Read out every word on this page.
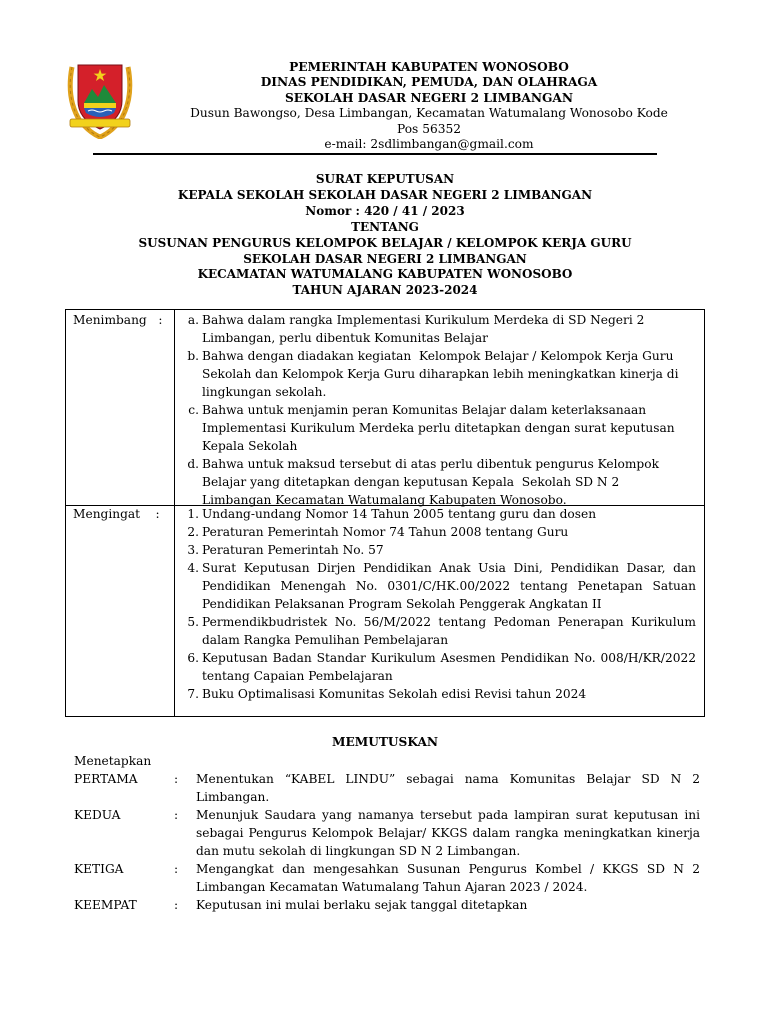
PEMERINTAH KABUPATEN WONOSOBO
DINAS PENDIDIKAN, PEMUDA, DAN OLAHRAGA
SEKOLAH DASAR NEGERI 2 LIMBANGAN
Dusun Bawongso, Desa Limbangan, Kecamatan Watumalang Wonosobo Kode
Pos 56352
e-mail: 2sdlimbangan@gmail.com
SURAT KEPUTUSAN
KEPALA SEKOLAH SEKOLAH DASAR NEGERI 2 LIMBANGAN
Nomor : 420 / 41 / 2023
TENTANG
SUSUNAN PENGURUS KELOMPOK BELAJAR / KELOMPOK KERJA GURU
SEKOLAH DASAR NEGERI 2 LIMBANGAN
KECAMATAN WATUMALANG KABUPATEN WONOSOBO
TAHUN AJARAN 2023-2024
Menimbang   :	a. Bahwa dalam rangka Implementasi Kurikulum Merdeka di SD Negeri 2
Limbangan, perlu dibentuk Komunitas Belajar
b. Bahwa dengan diadakan kegiatan  Kelompok Belajar / Kelompok Kerja Guru
Sekolah dan Kelompok Kerja Guru diharapkan lebih meningkatkan kinerja di
lingkungan sekolah.
c. Bahwa untuk menjamin peran Komunitas Belajar dalam keterlaksanaan
Implementasi Kurikulum Merdeka perlu ditetapkan dengan surat keputusan
Kepala Sekolah
d. Bahwa untuk maksud tersebut di atas perlu dibentuk pengurus Kelompok
Belajar yang ditetapkan dengan keputusan Kepala  Sekolah SD N 2
Limbangan Kecamatan Watumalang Kabupaten Wonosobo.
Mengingat    :	1. Undang-undang Nomor 14 Tahun 2005 tentang guru dan dosen
2. Peraturan Pemerintah Nomor 74 Tahun 2008 tentang Guru
3. Peraturan Pemerintah No. 57
4. Surat Keputusan Dirjen Pendidikan Anak Usia Dini, Pendidikan Dasar, dan Pendidikan Menengah No. 0301/C/HK.00/2022 tentang Penetapan Satuan Pendidikan Pelaksanan Program Sekolah Penggerak Angkatan II
5. Permendikbudristek No. 56/M/2022 tentang Pedoman Penerapan Kurikulum dalam Rangka Pemulihan Pembelajaran
6. Keputusan Badan Standar Kurikulum Asesmen Pendidikan No. 008/H/KR/2022 tentang Capaian Pembelajaran
7. Buku Optimalisasi Komunitas Sekolah edisi Revisi tahun 2024
MEMUTUSKAN
Menetapkan
PERTAMA	: Menentukan “KABEL LINDU” sebagai nama Komunitas Belajar SD N 2 Limbangan.
KEDUA	: Menunjuk Saudara yang namanya tersebut pada lampiran surat keputusan ini sebagai Pengurus Kelompok Belajar/ KKGS dalam rangka meningkatkan kinerja dan mutu sekolah di lingkungan SD N 2 Limbangan.
KETIGA	: Mengangkat dan mengesahkan Susunan Pengurus Kombel / KKGS SD N 2 Limbangan Kecamatan Watumalang Tahun Ajaran 2023 / 2024.
KEEMPAT	: Keputusan ini mulai berlaku sejak tanggal ditetapkan
